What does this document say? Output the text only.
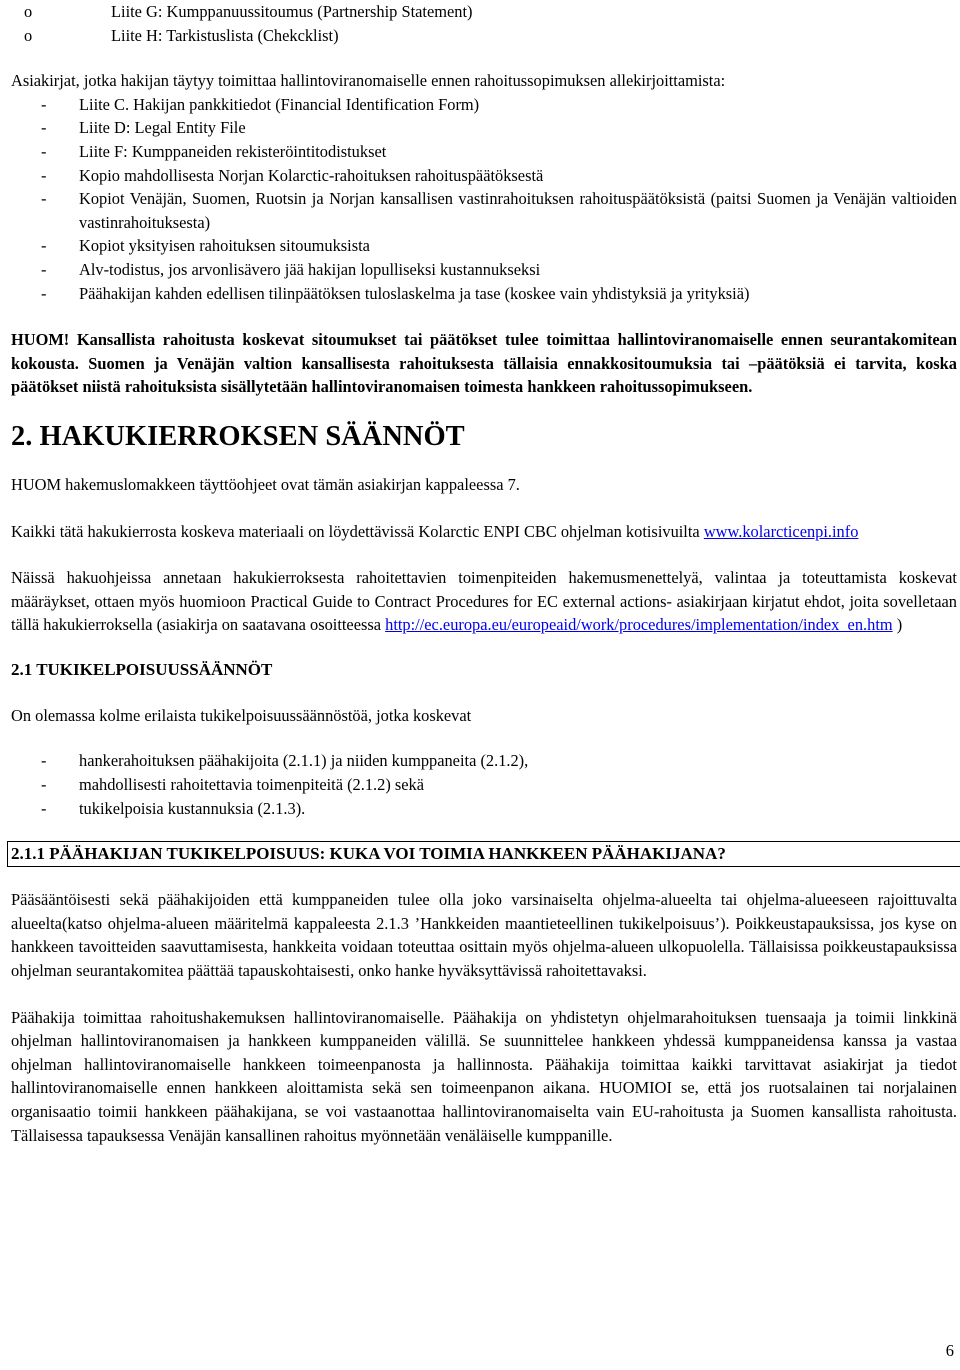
o	Liite G: Kumppanuussitoumus (Partnership Statement)
o	Liite H: Tarkistuslista (Chekcklist)

Asiakirjat, jotka hakijan täytyy toimittaa hallintoviranomaiselle ennen rahoitussopimuksen allekirjoittamista:

- Liite C. Hakijan pankkitiedot (Financial Identification Form)
- Liite D: Legal Entity File
- Liite F: Kumppaneiden rekisteröintitodistukset
- Kopio mahdollisesta Norjan Kolarctic-rahoituksen rahoituspäätöksestä
- Kopiot Venäjän, Suomen, Ruotsin ja Norjan kansallisen vastinrahoituksen rahoituspäätöksistä (paitsi Suomen ja Venäjän valtioiden vastinrahoituksesta)
- Kopiot yksityisen rahoituksen sitoumuksista
- Alv-todistus, jos arvonlisävero jää hakijan lopulliseksi kustannukseksi
- Päähakijan kahden edellisen tilinpäätöksen tuloslaskelma ja tase (koskee vain yhdistyksiä ja yrityksiä)

HUOM! Kansallista rahoitusta koskevat sitoumukset tai päätökset tulee toimittaa hallintoviranomaiselle ennen seurantakomitean kokousta. Suomen ja Venäjän valtion kansallisesta rahoituksesta tällaisia ennakkositoumuksia tai –päätöksiä ei tarvita, koska päätökset niistä rahoituksista sisällytetään hallintoviranomaisen toimesta hankkeen rahoitussopimukseen.

2. HAKUKIERROKSEN SÄÄNNÖT

HUOM hakemuslomakkeen täyttöohjeet ovat tämän asiakirjan kappaleessa 7.

Kaikki tätä hakukierrosta koskeva materiaali on löydettävissä Kolarctic ENPI CBC ohjelman kotisivuilta www.kolarcticenpi.info

Näissä hakuohjeissa annetaan hakukierroksesta rahoitettavien toimenpiteiden hakemusmenettelyä, valintaa ja toteuttamista koskevat määräykset, ottaen myös huomioon Practical Guide to Contract Procedures for EC external actions- asiakirjaan kirjatut ehdot, joita sovelletaan tällä hakukierroksella (asiakirja on saatavana osoitteessa http://ec.europa.eu/europeaid/work/procedures/implementation/index_en.htm )

2.1 TUKIKELPOISUUSSÄÄNNÖT

On olemassa kolme erilaista tukikelpoisuussäännöstöä, jotka koskevat

- hankerahoituksen päähakijoita (2.1.1) ja niiden kumppaneita (2.1.2),
- mahdollisesti rahoitettavia toimenpiteitä (2.1.2) sekä
- tukikelpoisia kustannuksia (2.1.3).
2.1.1 PÄÄHAKIJAN TUKIKELPOISUUS: KUKA VOI TOIMIA HANKKEEN PÄÄHAKIJANA?

Pääsääntöisesti sekä päähakijoiden että kumppaneiden tulee olla joko varsinaiselta ohjelma-alueelta tai ohjelma-alueeseen rajoittuvalta alueelta(katso ohjelma-alueen määritelmä kappaleesta 2.1.3 ’Hankkeiden maantieteellinen tukikelpoisuus’). Poikkeustapauksissa, jos kyse on hankkeen tavoitteiden saavuttamisesta, hankkeita voidaan toteuttaa osittain myös ohjelma-alueen ulkopuolella. Tällaisissa poikkeustapauksissa ohjelman seurantakomitea päättää tapauskohtaisesti, onko hanke hyväksyttävissä rahoitettavaksi.

Päähakija toimittaa rahoitushakemuksen hallintoviranomaiselle. Päähakija on yhdistetyn ohjelmarahoituksen tuensaaja ja toimii linkkinä ohjelman hallintoviranomaisen ja hankkeen kumppaneiden välillä. Se suunnittelee hankkeen yhdessä kumppaneidensa kanssa ja vastaa ohjelman hallintoviranomaiselle hankkeen toimeenpanosta ja hallinnosta. Päähakija toimittaa kaikki tarvittavat asiakirjat ja tiedot hallintoviranomaiselle ennen hankkeen aloittamista sekä sen toimeenpanon aikana. HUOMIOI se, että jos ruotsalainen tai norjalainen organisaatio toimii hankkeen päähakijana, se voi vastaanottaa hallintoviranomaiselta vain EU-rahoitusta ja Suomen kansallista rahoitusta. Tällaisessa tapauksessa Venäjän kansallinen rahoitus myönnetään venäläiselle kumppanille.

6
